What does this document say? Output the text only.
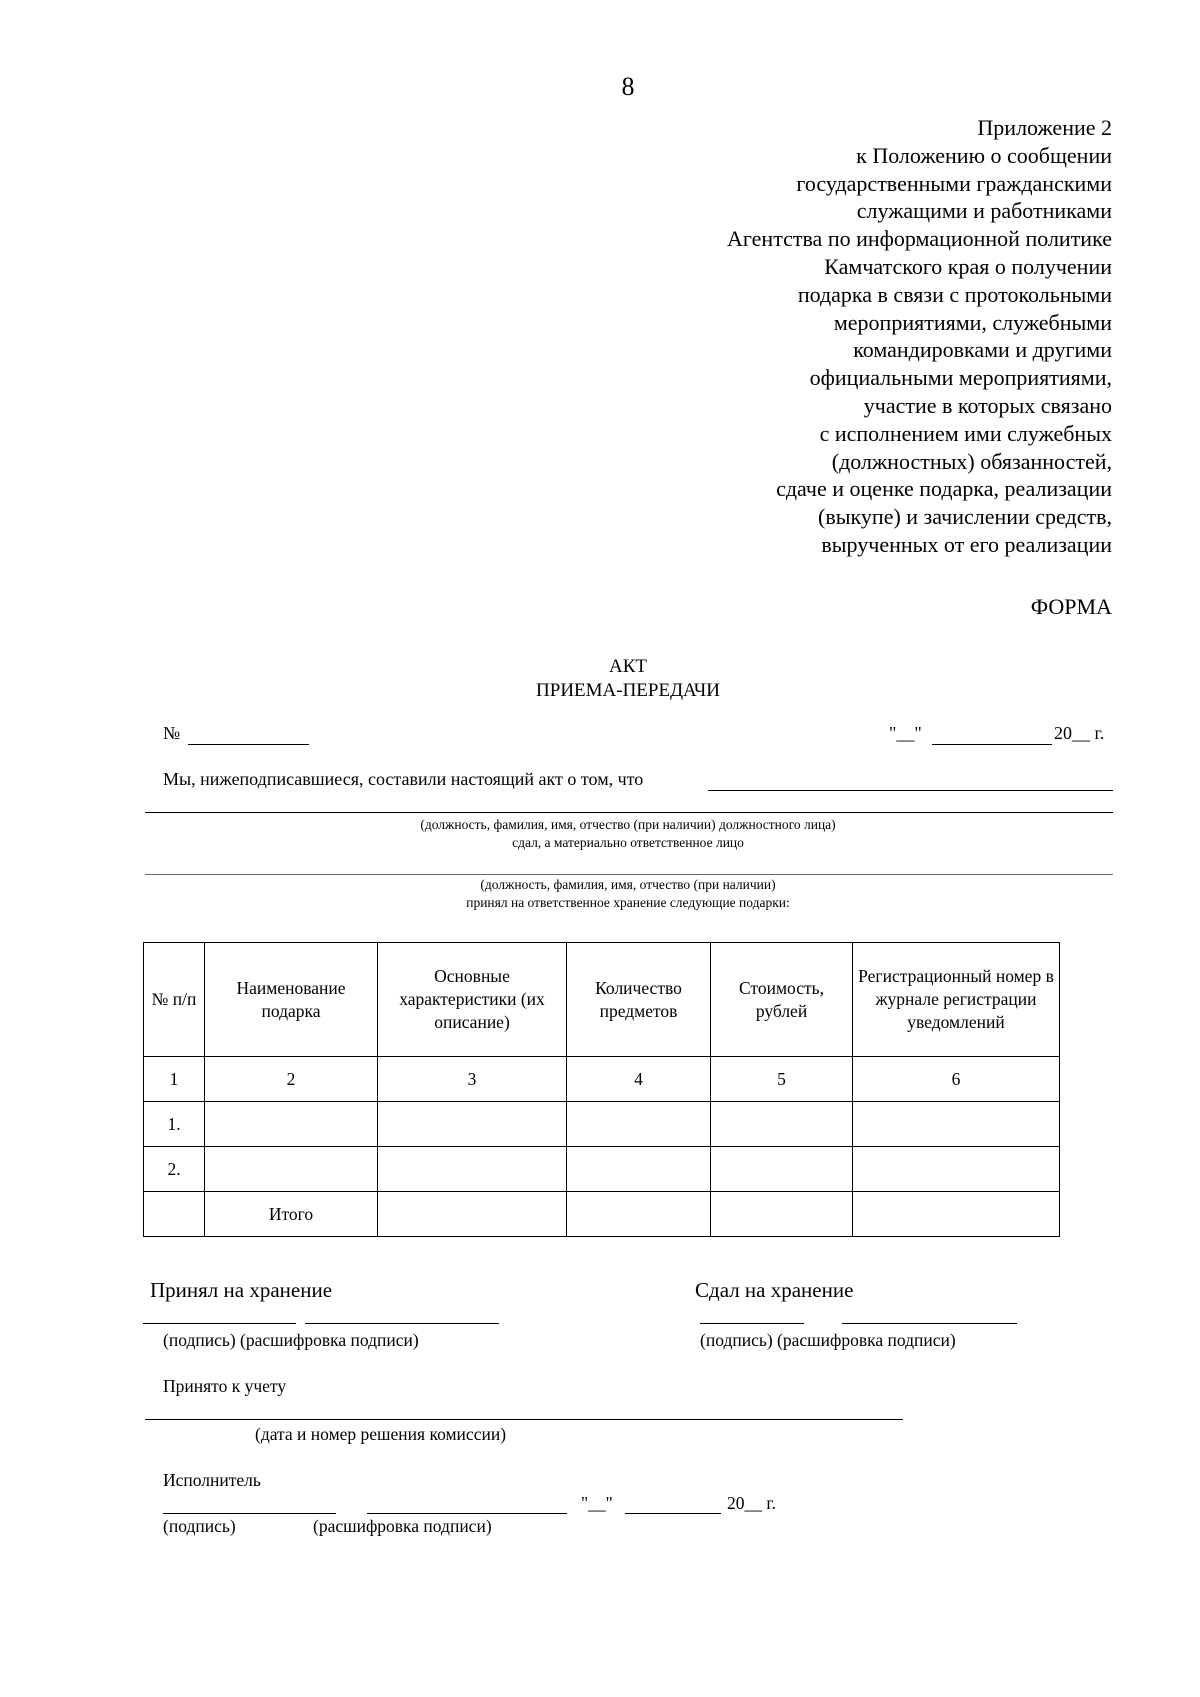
8
Приложение 2
к Положению о сообщении
государственными гражданскими
служащими и работниками
Агентства по информационной политике
Камчатского края о получении
подарка в связи с протокольными
мероприятиями, служебными
командировками и другими
официальными мероприятиями,
участие в которых связано
с исполнением ими служебных
(должностных) обязанностей,
сдаче и оценке подарка, реализации
(выкупе) и зачислении средств,
вырученных от его реализации
ФОРМА
АКТ
ПРИЕМА-ПЕРЕДАЧИ
№	"__"	20__ г.
Мы, нижеподписавшиеся, составили настоящий акт о том, что
(должность, фамилия, имя, отчество (при наличии) должностного лица)
сдал, а материально ответственное лицо
(должность, фамилия, имя, отчество (при наличии)
принял на ответственное хранение следующие подарки:
№ п/п	Наименование подарка	Основные характеристики (их описание)	Количество предметов	Стоимость, рублей	Регистрационный номер в журнале регистрации уведомлений
1	2	3	4	5	6
1.					
2.					
	Итого				
Принял на хранение	Сдал на хранение
(подпись) (расшифровка подписи)	(подпись) (расшифровка подписи)
Принято к учету
(дата и номер решения комиссии)
Исполнитель
"__"	20__ г.
(подпись)	(расшифровка подписи)
